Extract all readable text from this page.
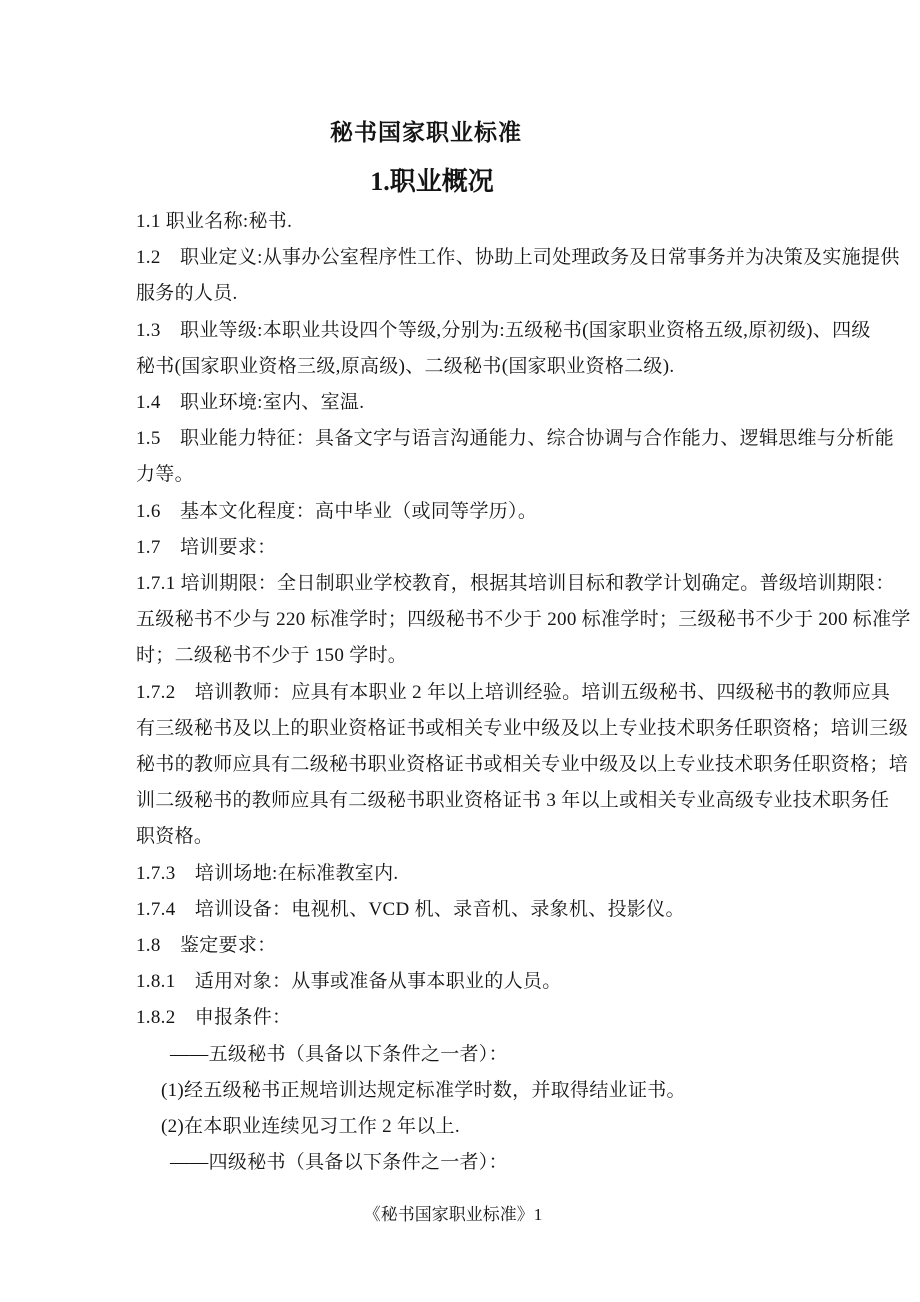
秘书国家职业标准
1.职业概况
1.1 职业名称:秘书.
1.2　职业定义:从事办公室程序性工作、协助上司处理政务及日常事务并为决策及实施提供
服务的人员.
1.3　职业等级:本职业共设四个等级,分别为:五级秘书(国家职业资格五级,原初级)、四级
秘书(国家职业资格三级,原高级)、二级秘书(国家职业资格二级).
1.4　职业环境:室内、室温.
1.5　职业能力特征：具备文字与语言沟通能力、综合协调与合作能力、逻辑思维与分析能
力等。
1.6　基本文化程度：高中毕业（或同等学历）。
1.7　培训要求：
1.7.1 培训期限：全日制职业学校教育，根据其培训目标和教学计划确定。普级培训期限：
五级秘书不少与 220 标准学时；四级秘书不少于 200 标准学时；三级秘书不少于 200 标准学
时；二级秘书不少于 150 学时。
1.7.2　培训教师：应具有本职业 2 年以上培训经验。培训五级秘书、四级秘书的教师应具
有三级秘书及以上的职业资格证书或相关专业中级及以上专业技术职务任职资格；培训三级
秘书的教师应具有二级秘书职业资格证书或相关专业中级及以上专业技术职务任职资格；培
训二级秘书的教师应具有二级秘书职业资格证书 3 年以上或相关专业高级专业技术职务任
职资格。
1.7.3　培训场地:在标准教室内.
1.7.4　培训设备：电视机、VCD 机、录音机、录象机、投影仪。
1.8　鉴定要求：
1.8.1　适用对象：从事或准备从事本职业的人员。
1.8.2　申报条件：
——五级秘书（具备以下条件之一者）：
(1)经五级秘书正规培训达规定标准学时数，并取得结业证书。
(2)在本职业连续见习工作 2 年以上.
——四级秘书（具备以下条件之一者）：
《秘书国家职业标准》1
